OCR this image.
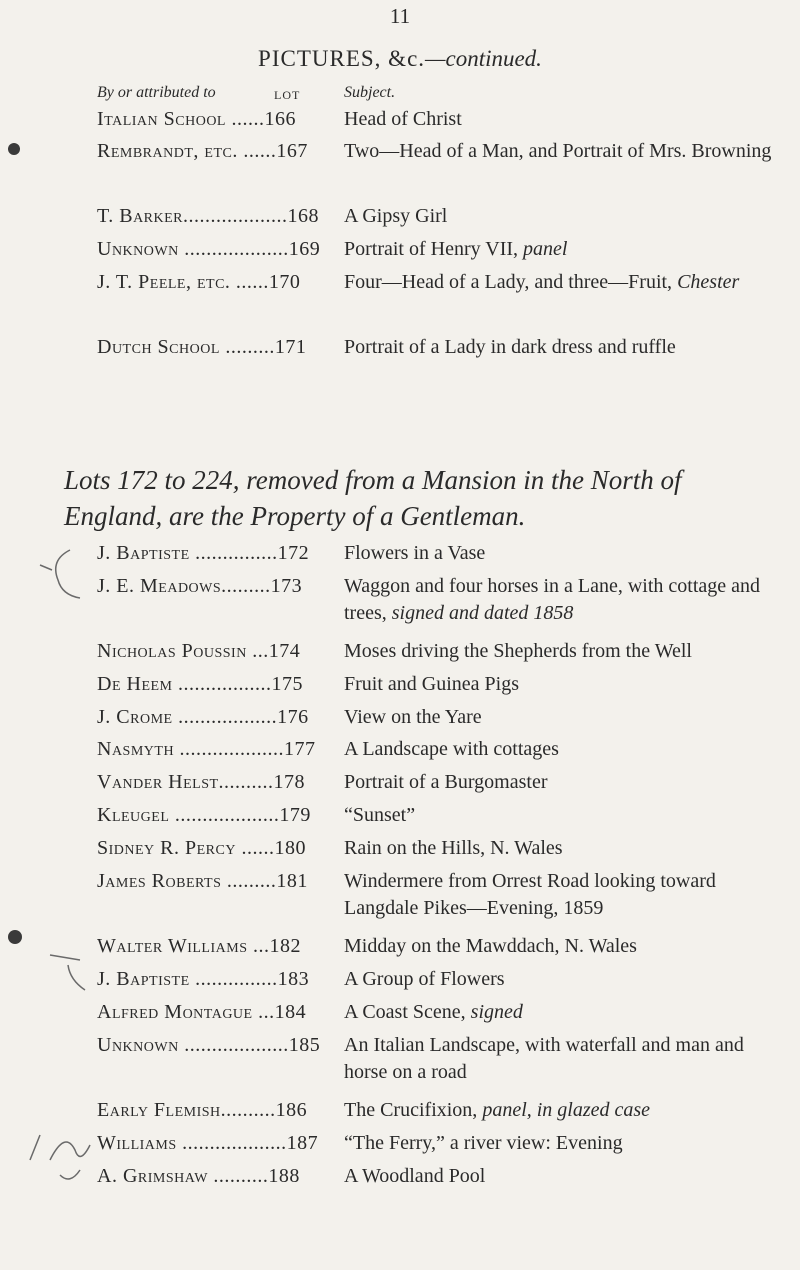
11
PICTURES, &c.—continued.
By or attributed to	LOT	Subject.
Italian School ......166	Head of Christ
Rembrandt, etc. ......167	Two—Head of a Man, and Portrait of Mrs. Browning
T. Barker...................168	A Gipsy Girl
Unknown ...................169	Portrait of Henry VII, panel
J. T. Peele, etc. ......170	Four—Head of a Lady, and three—Fruit, Chester
Dutch School .........171	Portrait of a Lady in dark dress and ruffle
Lots 172 to 224, removed from a Mansion in the North of England, are the Property of a Gentleman.
J. Baptiste ...............172	Flowers in a Vase
J. E. Meadows.........173	Waggon and four horses in a Lane, with cottage and trees, signed and dated 1858
Nicholas Poussin ...174	Moses driving the Shepherds from the Well
De Heem .................175	Fruit and Guinea Pigs
J. Crome ..................176	View on the Yare
Nasmyth ...................177	A Landscape with cottages
Vander Helst..........178	Portrait of a Burgomaster
Kleugel ...................179	“Sunset”
Sidney R. Percy ......180	Rain on the Hills, N. Wales
James Roberts .........181	Windermere from Orrest Road looking toward Langdale Pikes—Evening, 1859
Walter Williams ...182	Midday on the Mawddach, N. Wales
J. Baptiste ...............183	A Group of Flowers
Alfred Montague ...184	A Coast Scene, signed
Unknown ...................185	An Italian Landscape, with waterfall and man and horse on a road
Early Flemish..........186	The Crucifixion, panel, in glazed case
Williams ...................187	“The Ferry,” a river view: Evening
A. Grimshaw ..........188	A Woodland Pool
